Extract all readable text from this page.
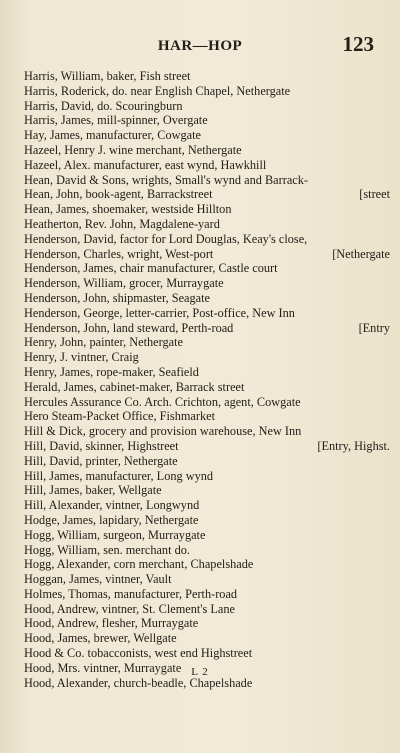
HAR—HOP	123
Harris, William, baker, Fish street
Harris, Roderick, do. near English Chapel, Nethergate
Harris, David, do. Scouringburn
Harris, James, mill-spinner, Overgate
Hay, James, manufacturer, Cowgate
Hazeel, Henry J. wine merchant, Nethergate
Hazeel, Alex. manufacturer, east wynd, Hawkhill
Hean, David & Sons, wrights, Small's wynd and Barrack-
Hean, John, book-agent, Barrackstreet	[street
Hean, James, shoemaker, westside Hillton
Heatherton, Rev. John, Magdalene-yard
Henderson, David, factor for Lord Douglas, Keay's close,
Henderson, Charles, wright, West-port	[Nethergate
Henderson, James, chair manufacturer, Castle court
Henderson, William, grocer, Murraygate
Henderson, John, shipmaster, Seagate
Henderson, George, letter-carrier, Post-office, New Inn
Henderson, John, land steward, Perth-road	[Entry
Henry, John, painter, Nethergate
Henry, J. vintner, Craig
Henry, James, rope-maker, Seafield
Herald, James, cabinet-maker, Barrack street
Hercules Assurance Co. Arch. Crichton, agent, Cowgate
Hero Steam-Packet Office, Fishmarket
Hill & Dick, grocery and provision warehouse, New Inn
Hill, David, skinner, Highstreet	[Entry, Highst.
Hill, David, printer, Nethergate
Hill, James, manufacturer, Long wynd
Hill, James, baker, Wellgate
Hill, Alexander, vintner, Longwynd
Hodge, James, lapidary, Nethergate
Hogg, William, surgeon, Murraygate
Hogg, William, sen. merchant do.
Hogg, Alexander, corn merchant, Chapelshade
Hoggan, James, vintner, Vault
Holmes, Thomas, manufacturer, Perth-road
Hood, Andrew, vintner, St. Clement's Lane
Hood, Andrew, flesher, Murraygate
Hood, James, brewer, Wellgate
Hood & Co. tobacconists, west end Highstreet
Hood, Mrs. vintner, Murraygate
Hood, Alexander, church-beadle, Chapelshade
L 2
